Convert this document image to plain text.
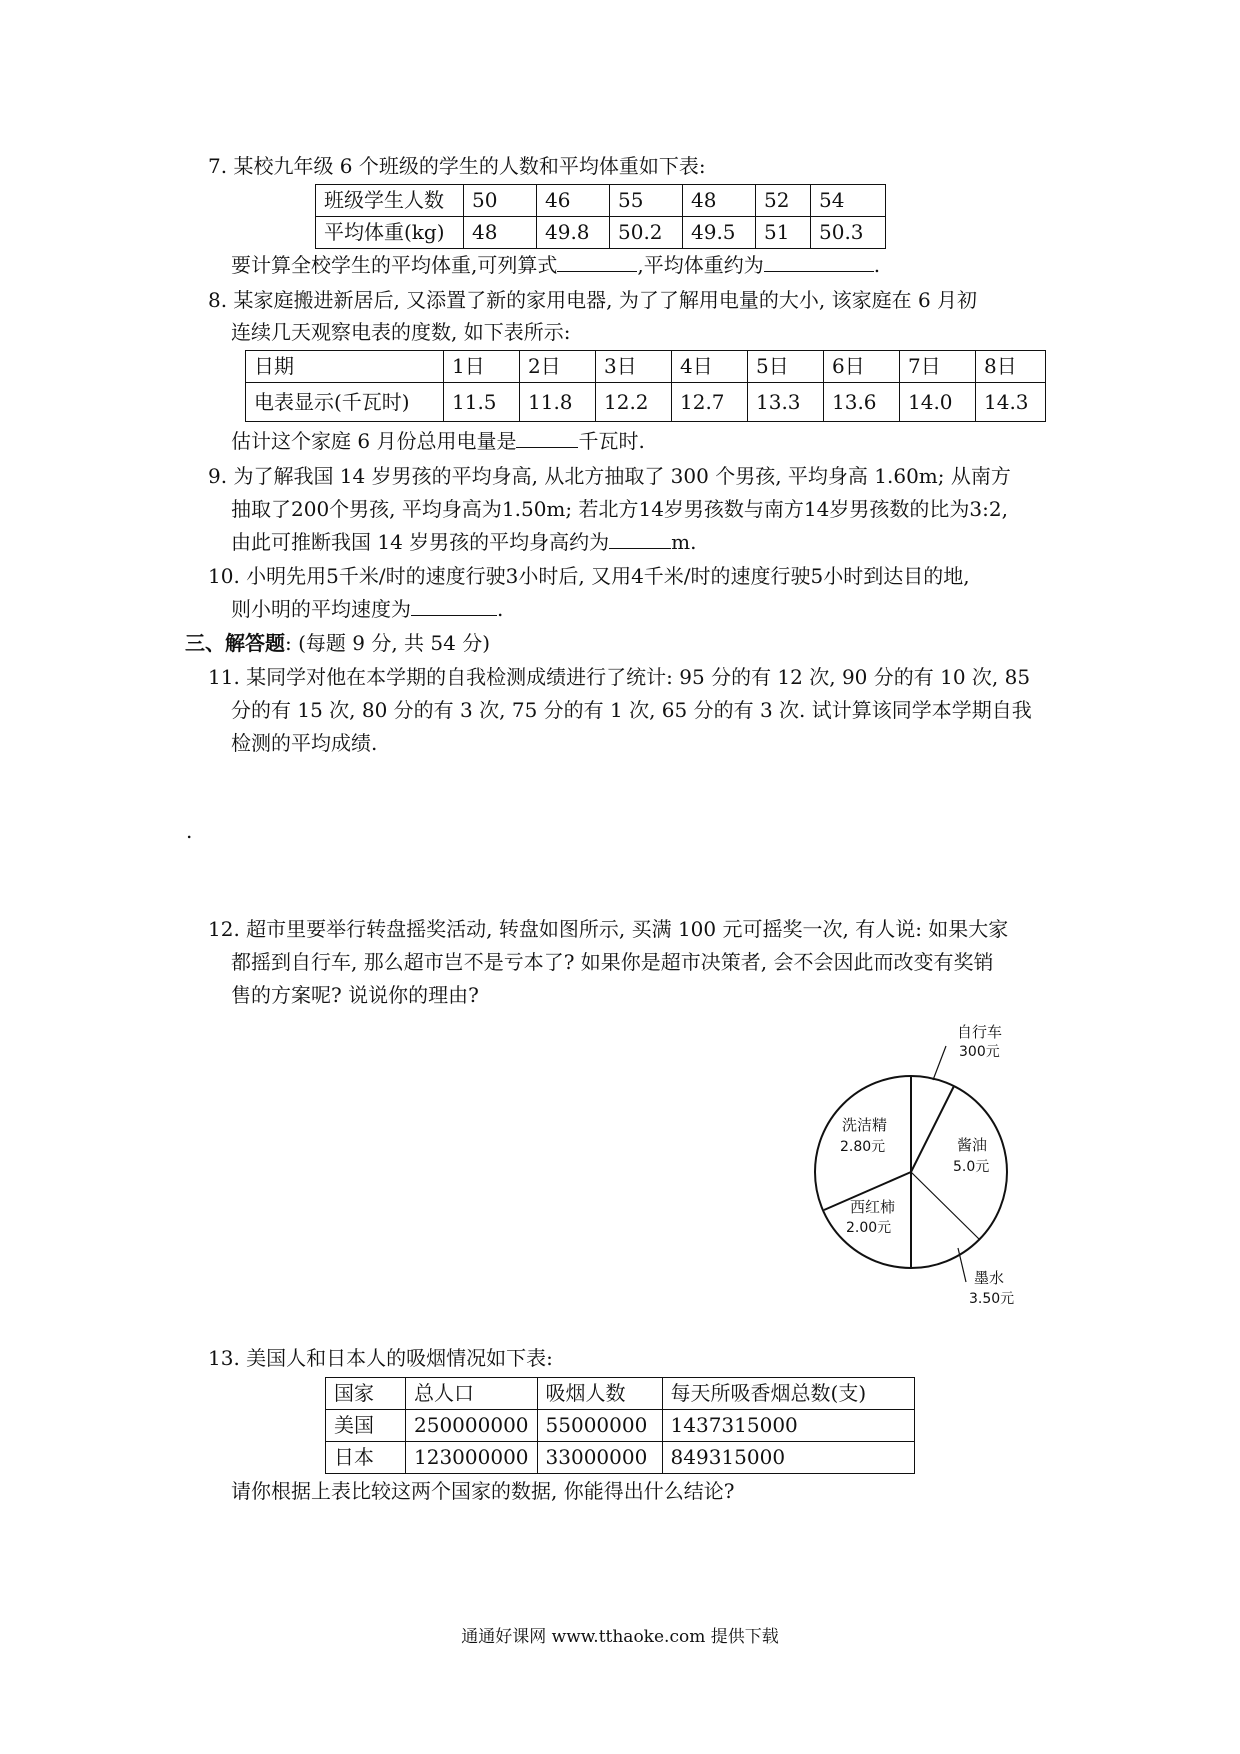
7. 某校九年级 6 个班级的学生的人数和平均体重如下表:
班级学生人数	50	46	55	48	52	54
平均体重(kg)	48	49.8	50.2	49.5	51	50.3
要计算全校学生的平均体重,可列算式	,平均体重约为	.
8. 某家庭搬进新居后, 又添置了新的家用电器, 为了了解用电量的大小, 该家庭在 6 月初
连续几天观察电表的度数, 如下表所示:
日期	1日	2日	3日	4日	5日	6日	7日	8日
电表显示(千瓦时)	11.5	11.8	12.2	12.7	13.3	13.6	14.0	14.3
估计这个家庭 6 月份总用电量是	千瓦时.
9. 为了解我国 14 岁男孩的平均身高, 从北方抽取了 300 个男孩, 平均身高 1.60m; 从南方
抽取了200个男孩, 平均身高为1.50m; 若北方14岁男孩数与南方14岁男孩数的比为3:2,
由此可推断我国 14 岁男孩的平均身高约为	m.
10. 小明先用5千米/时的速度行驶3小时后, 又用4千米/时的速度行驶5小时到达目的地,
则小明的平均速度为	.
三、解答题: (每题 9 分, 共 54 分)
11. 某同学对他在本学期的自我检测成绩进行了统计: 95 分的有 12 次, 90 分的有 10 次, 85
分的有 15 次, 80 分的有 3 次, 75 分的有 1 次, 65 分的有 3 次. 试计算该同学本学期自我
检测的平均成绩.
.
12. 超市里要举行转盘摇奖活动, 转盘如图所示, 买满 100 元可摇奖一次, 有人说: 如果大家
都摇到自行车, 那么超市岂不是亏本了? 如果你是超市决策者, 会不会因此而改变有奖销
售的方案呢? 说说你的理由?
自行车
300元
酱油
5.0元
墨水
3.50元
西红柿
2.00元
洗洁精
2.80元
13. 美国人和日本人的吸烟情况如下表:
国家	总人口	吸烟人数	每天所吸香烟总数(支)
美国	250000000	55000000	1437315000
日本	123000000	33000000	849315000
请你根据上表比较这两个国家的数据, 你能得出什么结论?
通通好课网 www.tthaoke.com 提供下载
